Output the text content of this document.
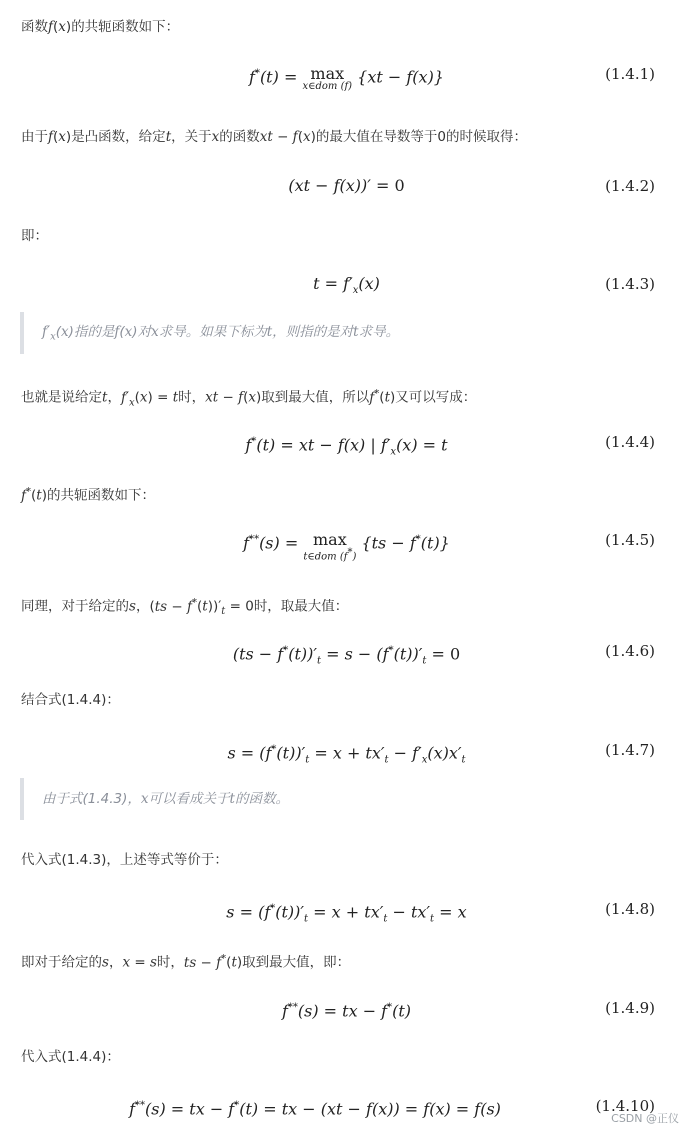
函数f(x)的共轭函数如下：
f*(t) = max
x∈dom (f)
{xt − f(x)}	(1.4.1)
由于f(x)是凸函数，给定t，关于x的函数xt − f(x)的最大值在导数等于0的时候取得：
(xt − f(x))′ = 0	(1.4.2)
即：
$t = f'_x(x)$	(1.4.3)
$f'_x(x)$指的是f(x)对x求导。如果下标为t，则指的是对t求导。
也就是说给定t，$f'_x(x) = t$时，xt − f(x)取到最大值，所以f*(t)又可以写成：
f*(t) = xt − f(x) | $f'_x(x) = t$	(1.4.4)
f*(t)的共轭函数如下：
f**(s) = max
t∈dom (f*)
{ts − f*(t)}	(1.4.5)
同理，对于给定的s，$(ts - f^*(t))'_t = 0$时，取最大值：
$(ts - f^*(t))'_t = s - (f^*(t))'_t = 0$	(1.4.6)
结合式(1.4.4)：
$s = (f^*(t))'_t = x + tx'_t - f'_x(x)x'_t$
(1.4.7)
由于式(1.4.3)，x可以看成关于t的函数。
代入式(1.4.3)，上述等式等价于：
$s = (f^*(t))'_t = x + tx'_t - tx'_t = x$	(1.4.8)
即对于给定的s，x = s时，ts − f*(t)取到最大值，即：
f**(s) = tx − f*(t)	(1.4.9)
代入式(1.4.4)：
f**(s) = tx − f*(t) = tx − (xt − f(x)) = f(x) = f(s)	(1.4.10)
CSDN @正仪
